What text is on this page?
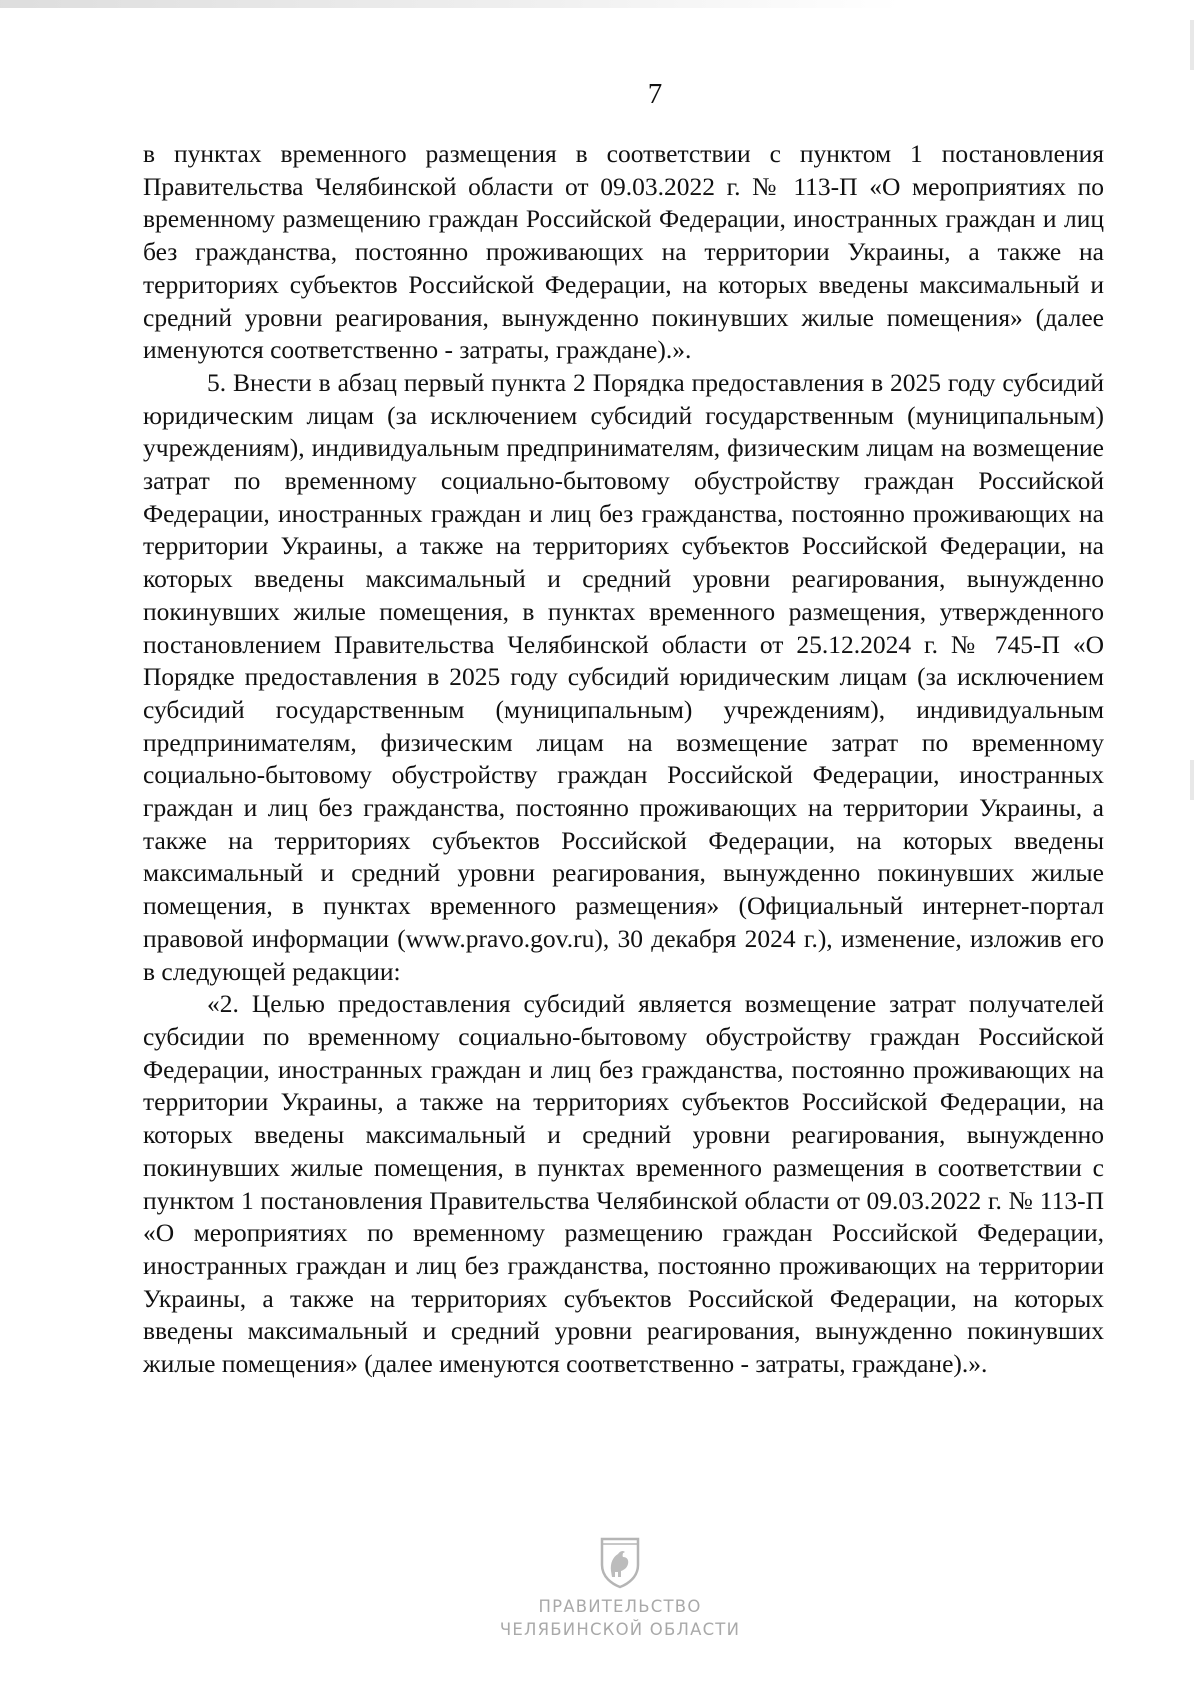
7

в пунктах временного размещения в соответствии с пунктом 1 постановления Правительства Челябинской области от 09.03.2022 г. № 113-П «О мероприятиях по временному размещению граждан Российской Федерации, иностранных граждан и лиц без гражданства, постоянно проживающих на территории Украины, а также на территориях субъектов Российской Федерации, на которых введены максимальный и средний уровни реагирования, вынужденно покинувших жилые помещения» (далее именуются соответственно - затраты, граждане).».

5. Внести в абзац первый пункта 2 Порядка предоставления в 2025 году субсидий юридическим лицам (за исключением субсидий государственным (муниципальным) учреждениям), индивидуальным предпринимателям, физическим лицам на возмещение затрат по временному социально-бытовому обустройству граждан Российской Федерации, иностранных граждан и лиц без гражданства, постоянно проживающих на территории Украины, а также на территориях субъектов Российской Федерации, на которых введены максимальный и средний уровни реагирования, вынужденно покинувших жилые помещения, в пунктах временного размещения, утвержденного постановлением Правительства Челябинской области от 25.12.2024 г. № 745-П «О Порядке предоставления в 2025 году субсидий юридическим лицам (за исключением субсидий государственным (муниципальным) учреждениям), индивидуальным предпринимателям, физическим лицам на возмещение затрат по временному социально-бытовому обустройству граждан Российской Федерации, иностранных граждан и лиц без гражданства, постоянно проживающих на территории Украины, а также на территориях субъектов Российской Федерации, на которых введены максимальный и средний уровни реагирования, вынужденно покинувших жилые помещения, в пунктах временного размещения» (Официальный интернет-портал правовой информации (www.pravo.gov.ru), 30 декабря 2024 г.), изменение, изложив его в следующей редакции:

«2. Целью предоставления субсидий является возмещение затрат получателей субсидии по временному социально-бытовому обустройству граждан Российской Федерации, иностранных граждан и лиц без гражданства, постоянно проживающих на территории Украины, а также на территориях субъектов Российской Федерации, на которых введены максимальный и средний уровни реагирования, вынужденно покинувших жилые помещения, в пунктах временного размещения в соответствии с пунктом 1 постановления Правительства Челябинской области от 09.03.2022 г. № 113-П «О мероприятиях по временному размещению граждан Российской Федерации, иностранных граждан и лиц без гражданства, постоянно проживающих на территории Украины, а также на территориях субъектов Российской Федерации, на которых введены максимальный и средний уровни реагирования, вынужденно покинувших жилые помещения» (далее именуются соответственно - затраты, граждане).».

ПРАВИТЕЛЬСТВО
ЧЕЛЯБИНСКОЙ ОБЛАСТИ
